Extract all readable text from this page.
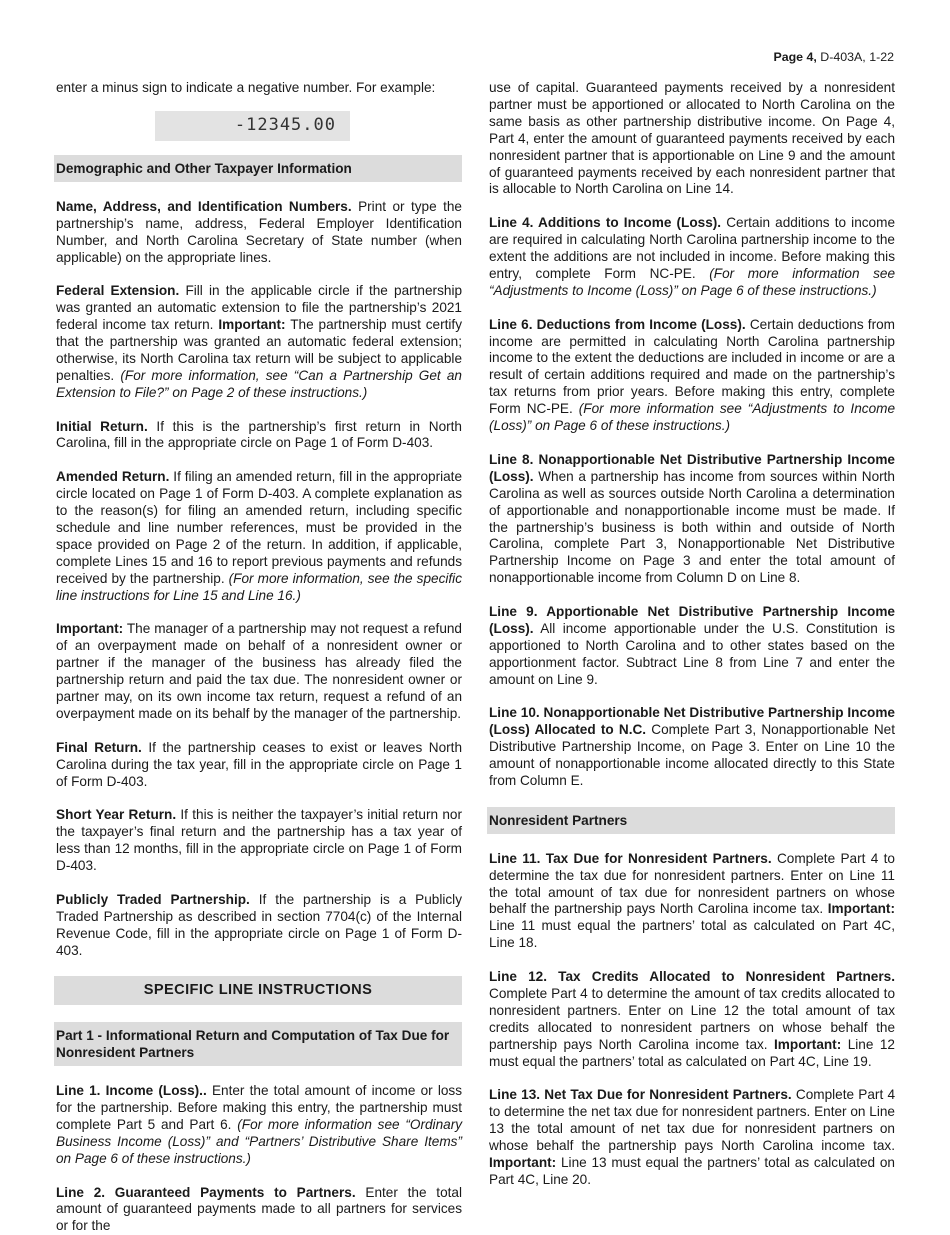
Page 4, D-403A, 1-22

enter a minus sign to indicate a negative number. For example:

-12345.00
Demographic and Other Taxpayer Information

Name, Address, and Identification Numbers. Print or type the partnership’s name, address, Federal Employer Identification Number, and North Carolina Secretary of State number (when applicable) on the appropriate lines.

Federal Extension. Fill in the applicable circle if the partnership was granted an automatic extension to file the partnership’s 2021 federal income tax return. Important: The partnership must certify that the partnership was granted an automatic federal extension; otherwise, its North Carolina tax return will be subject to applicable penalties. (For more information, see “Can a Partnership Get an Extension to File?” on Page 2 of these instructions.)

Initial Return. If this is the partnership’s first return in North Carolina, fill in the appropriate circle on Page 1 of Form D-403.

Amended Return. If filing an amended return, fill in the appropriate circle located on Page 1 of Form D-403. A complete explanation as to the reason(s) for filing an amended return, including specific schedule and line number references, must be provided in the space provided on Page 2 of the return. In addition, if applicable, complete Lines 15 and 16 to report previous payments and refunds received by the partnership. (For more information, see the specific line instructions for Line 15 and Line 16.)

Important: The manager of a partnership may not request a refund of an overpayment made on behalf of a nonresident owner or partner if the manager of the business has already filed the partnership return and paid the tax due. The nonresident owner or partner may, on its own income tax return, request a refund of an overpayment made on its behalf by the manager of the partnership.

Final Return. If the partnership ceases to exist or leaves North Carolina during the tax year, fill in the appropriate circle on Page 1 of Form D-403.

Short Year Return. If this is neither the taxpayer’s initial return nor the taxpayer’s final return and the partnership has a tax year of less than 12 months, fill in the appropriate circle on Page 1 of Form D-403.

Publicly Traded Partnership. If the partnership is a Publicly Traded Partnership as described in section 7704(c) of the Internal Revenue Code, fill in the appropriate circle on Page 1 of Form D-403.

SPECIFIC LINE INSTRUCTIONS
Part 1 - Informational Return and Computation of Tax Due for Nonresident Partners

Line 1. Income (Loss).. Enter the total amount of income or loss for the partnership. Before making this entry, the partnership must complete Part 5 and Part 6. (For more information see “Ordinary Business Income (Loss)” and “Partners’ Distributive Share Items” on Page 6 of these instructions.)

Line 2. Guaranteed Payments to Partners. Enter the total amount of guaranteed payments made to all partners for services or for the

use of capital. Guaranteed payments received by a nonresident partner must be apportioned or allocated to North Carolina on the same basis as other partnership distributive income. On Page 4, Part 4, enter the amount of guaranteed payments received by each nonresident partner that is apportionable on Line 9 and the amount of guaranteed payments received by each nonresident partner that is allocable to North Carolina on Line 14.

Line 4. Additions to Income (Loss). Certain additions to income are required in calculating North Carolina partnership income to the extent the additions are not included in income. Before making this entry, complete Form NC-PE. (For more information see “Adjustments to Income (Loss)” on Page 6 of these instructions.)

Line 6. Deductions from Income (Loss). Certain deductions from income are permitted in calculating North Carolina partnership income to the extent the deductions are included in income or are a result of certain additions required and made on the partnership’s tax returns from prior years. Before making this entry, complete Form NC-PE. (For more information see “Adjustments to Income (Loss)” on Page 6 of these instructions.)

Line 8. Nonapportionable Net Distributive Partnership Income (Loss). When a partnership has income from sources within North Carolina as well as sources outside North Carolina a determination of apportionable and nonapportionable income must be made. If the partnership’s business is both within and outside of North Carolina, complete Part 3, Nonapportionable Net Distributive Partnership Income on Page 3 and enter the total amount of nonapportionable income from Column D on Line 8.

Line 9. Apportionable Net Distributive Partnership Income (Loss). All income apportionable under the U.S. Constitution is apportioned to North Carolina and to other states based on the apportionment factor. Subtract Line 8 from Line 7 and enter the amount on Line 9.

Line 10. Nonapportionable Net Distributive Partnership Income (Loss) Allocated to N.C. Complete Part 3, Nonapportionable Net Distributive Partnership Income, on Page 3. Enter on Line 10 the amount of nonapportionable income allocated directly to this State from Column E.

Nonresident Partners

Line 11. Tax Due for Nonresident Partners. Complete Part 4 to determine the tax due for nonresident partners. Enter on Line 11 the total amount of tax due for nonresident partners on whose behalf the partnership pays North Carolina income tax. Important: Line 11 must equal the partners’ total as calculated on Part 4C, Line 18.

Line 12. Tax Credits Allocated to Nonresident Partners. Complete Part 4 to determine the amount of tax credits allocated to nonresident partners. Enter on Line 12 the total amount of tax credits allocated to nonresident partners on whose behalf the partnership pays North Carolina income tax. Important: Line 12 must equal the partners’ total as calculated on Part 4C, Line 19.

Line 13. Net Tax Due for Nonresident Partners. Complete Part 4 to determine the net tax due for nonresident partners. Enter on Line 13 the total amount of net tax due for nonresident partners on whose behalf the partnership pays North Carolina income tax. Important: Line 13 must equal the partners’ total as calculated on Part 4C, Line 20.
